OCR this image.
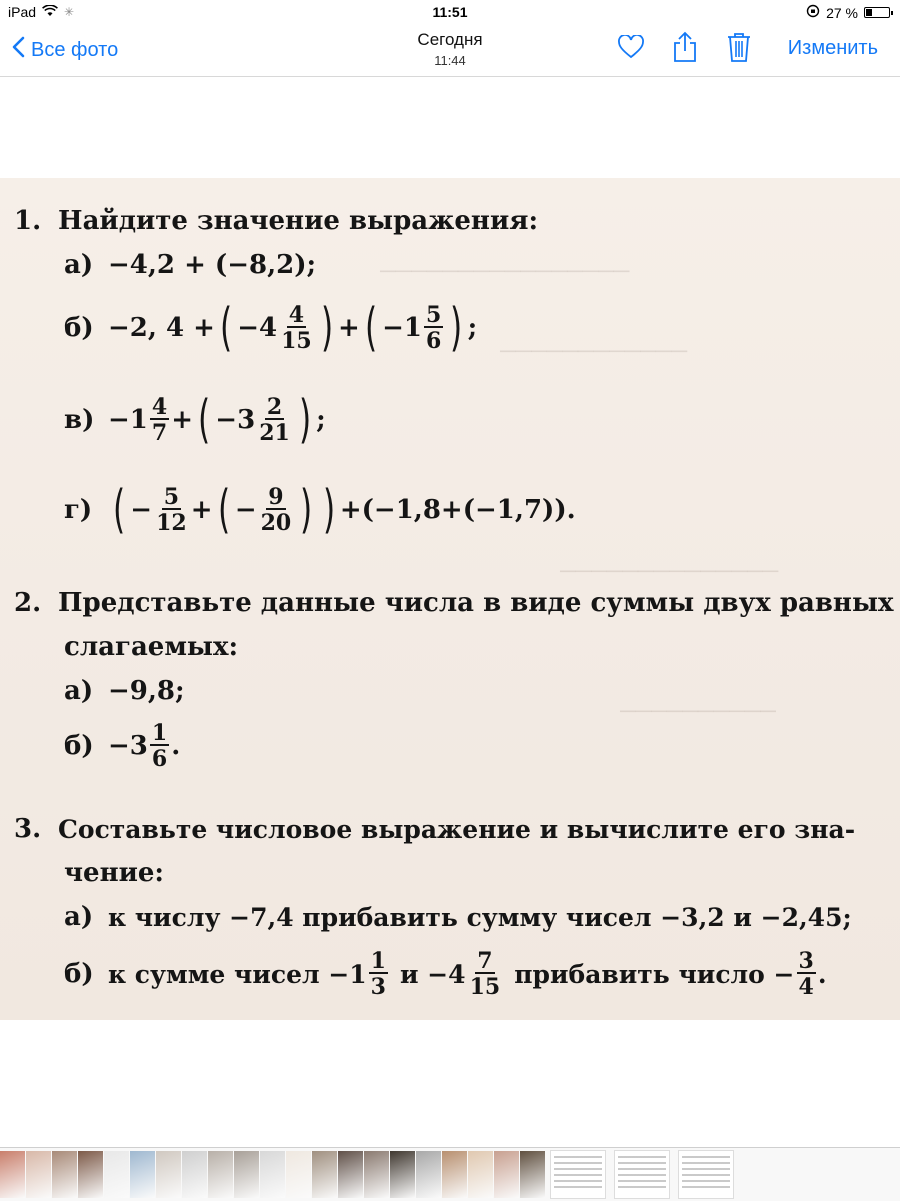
iPad ✳	11:51	27 %
Все фото	Сегодня
11:44
Изменить
────────────────
────────────
──────────────
──────────
1. Найдите значение выражения:
а) −4,2 + (−8,2);
б) −2, 4 + ( −4 4
15 ) + ( −1 5
6 ) ;
в) −1 4
7 + ( −3 2
21 ) ;
г) ( − $\frac{5}{12}$ + ( − $\frac{9}{20}$ ) ) +(−1,8+(−1,7)) .
2. Представьте данные числа в виде суммы двух равных
слагаемых:
а) −9,8;
б) −3 1
6 .
3. Составьте числовое выражение и вычислите его зна-
чение:
а) к числу −7,4 прибавить сумму чисел −3,2 и −2,45;
б) к сумме чисел −1 1
3 и −4 7
15 прибавить число − $\frac{3}{4}$ .
